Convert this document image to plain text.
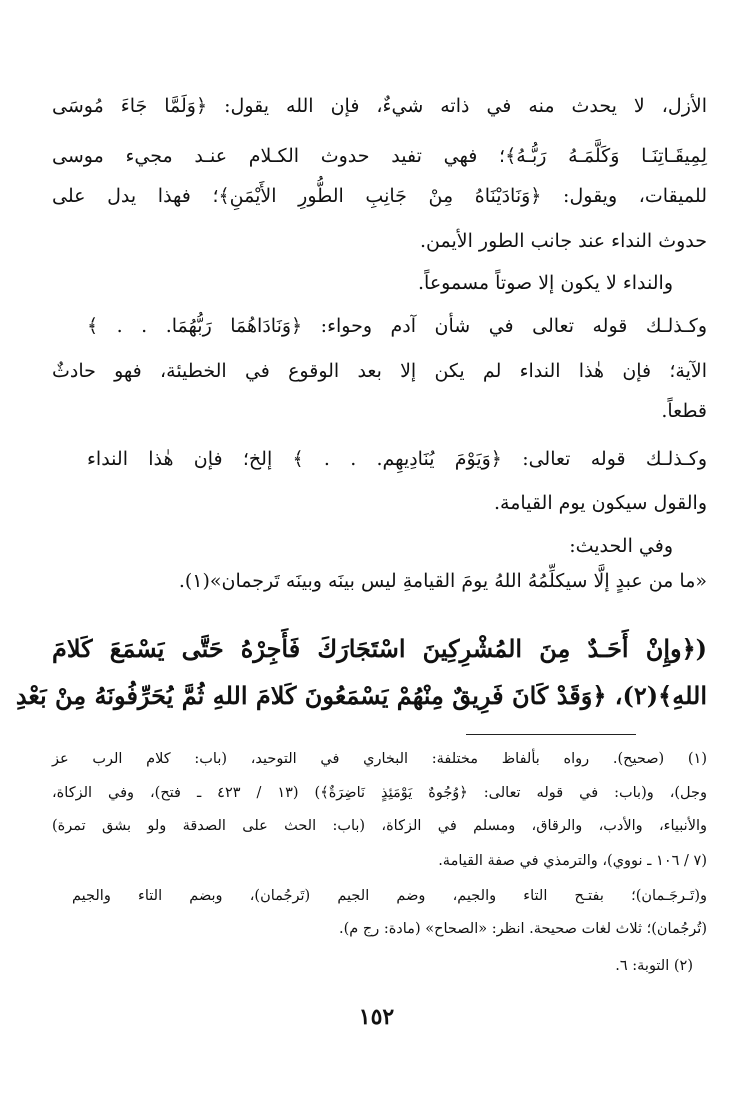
الأزل، لا يحدث منه في ذاته شيءٌ، فإن الله يقول: ﴿وَلَمَّا جَاءَ مُوسَى
لِمِيقَـاتِنَـا وَكَلَّمَـهُ رَبُّـهُ﴾؛ فهي تفيد حدوث الكـلام عنـد مجيء موسى
للميقات، ويقول: ﴿وَنَادَيْنَاهُ مِنْ جَانِبِ الطُّورِ الأَيْمَنِ﴾؛ فهذا يدل على
حدوث النداء عند جانب الطور الأيمن.
والنداء لا يكون إلا صوتاً مسموعاً.
وكـذلـك قوله تعالى في شأن آدم وحواء: ﴿وَنَادَاهُمَا رَبُّهُمَا. . . ﴾
الآية؛ فإن هٰذا النداء لم يكن إلا بعد الوقوع في الخطيئة، فهو حادثٌ
قطعاً.
وكـذلـك قوله تعالى: ﴿وَيَوْمَ يُنَادِيهِم. . . ﴾ إلخ؛ فإن هٰذا النداء
والقول سيكون يوم القيامة.
وفي الحديث:
«ما من عبدٍ إلَّا سيكلِّمُهُ اللهُ يومَ القيامةِ ليس بينَه وبينَه تَرجمان»(١).
(﴿وإِنْ أَحَـدٌ مِنَ المُشْرِكِينَ اسْتَجَارَكَ فَأَجِرْهُ حَتَّى يَسْمَعَ كَلامَ
اللهِ﴾(٢)، ﴿وَقَدْ كَانَ فَرِيقٌ مِنْهُمْ يَسْمَعُونَ كَلامَ اللهِ ثُمَّ يُحَرِّفُونَهُ مِنْ بَعْدِ
(١) (صحيح). رواه بألفاظ مختلفة: البخاري في التوحيد، (باب: كلام الرب عز
وجل)، و(باب: في قوله تعالى: ﴿وُجُوهٌ يَوْمَئِذٍ نَاضِرَةٌ﴾) (١٣ / ٤٢٣ ـ فتح)، وفي الزكاة،
والأنبياء، والأدب، والرقاق، ومسلم في الزكاة، (باب: الحث على الصدقة ولو بشق تمرة)
(٧ / ١٠٦ ـ نووي)، والترمذي في صفة القيامة.
و(تَـرجَـمان)؛ بفتـح التاء والجيم، وضم الجيم (تَرجُمان)، وبضم التاء والجيم
(تُرجُمان)؛ ثلاث لغات صحيحة. انظر: «الصحاح» (مادة: رج م).
(٢) التوبة: ٦.
١٥٢
